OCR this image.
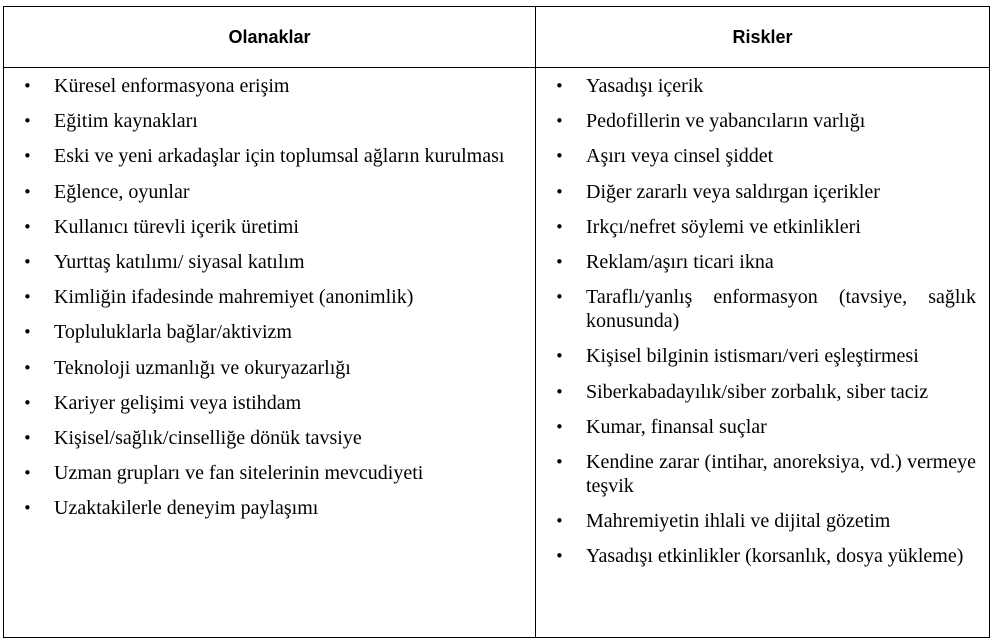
Olanaklar	Riskler
• Küresel enformasyona erişim
• Eğitim kaynakları
• Eski ve yeni arkadaşlar için toplumsal ağların kurulması
• Eğlence, oyunlar
• Kullanıcı türevli içerik üretimi
• Yurttaş katılımı/ siyasal katılım
• Kimliğin ifadesinde mahremiyet (anonimlik)
• Topluluklarla bağlar/aktivizm
• Teknoloji uzmanlığı ve okuryazarlığı
• Kariyer gelişimi veya istihdam
• Kişisel/sağlık/cinselliğe dönük tavsiye
• Uzman grupları ve fan sitelerinin mevcudiyeti
• Uzaktakilerle deneyim paylaşımı
• Yasadışı içerik
• Pedofillerin ve yabancıların varlığı
• Aşırı veya cinsel şiddet
• Diğer zararlı veya saldırgan içerikler
• Irkçı/nefret söylemi ve etkinlikleri
• Reklam/aşırı ticari ikna
• Taraflı/yanlış enformasyon (tavsiye, sağlık konusunda)
• Kişisel bilginin istismarı/veri eşleştirmesi
• Siberkabadayılık/siber zorbalık, siber taciz
• Kumar, finansal suçlar
• Kendine zarar (intihar, anoreksiya, vd.) vermeye teşvik
• Mahremiyetin ihlali ve dijital gözetim
• Yasadışı etkinlikler (korsanlık, dosya yükleme)
